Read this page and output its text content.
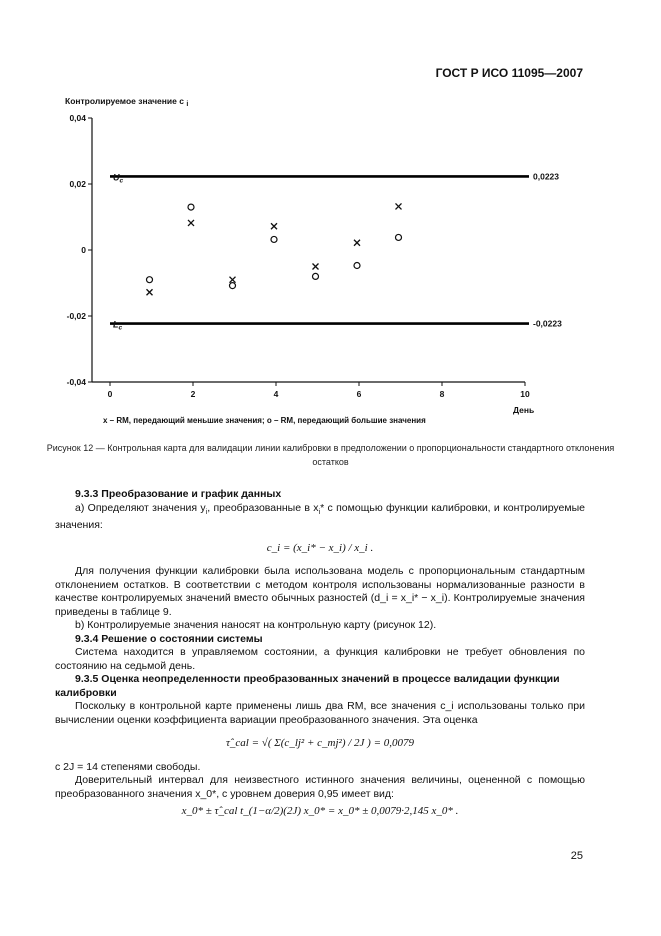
ГОСТ Р ИСО 11095—2007
Контролируемое значение c $_i$
0,04
0,02
0
-0,02
-0,04
0	2	4	6	8	10
$U_c$	0,0223
$L_c$	-0,0223
День
x – RM, передающий меньшие значения; o – RM, передающий большие значения
Рисунок 12 — Контрольная карта для валидации линии калибровки в предположении о пропорциональности стандартного отклонения остатков

9.3.3 Преобразование и график данных

а) Определяют значения $y_i$, преобразованные в $x_i*$ с помощью функции калибровки, и контролируемые значения:

c_i = (x_i* − x_i) / x_i .

Для получения функции калибровки была использована модель с пропорциональным стандартным отклонением остатков. В соответствии с методом контроля использованы нормализованные разности в качестве контролируемых значений вместо обычных разностей (d_i = x_i* − x_i). Контролируемые значения приведены в таблице 9.

b) Контролируемые значения наносят на контрольную карту (рисунок 12).

9.3.4 Решение о состоянии системы

Система находится в управляемом состоянии, а функция калибровки не требует обновления по состоянию на седьмой день.

9.3.5 Оценка неопределенности преобразованных значений в процессе валидации функции калибровки

Поскольку в контрольной карте применены лишь два RM, все значения c_i использованы только при вычислении оценки коэффициента вариации преобразованного значения. Эта оценка

τ̂_cal = √( Σ(c_lj² + c_mj²) / 2J ) = 0,0079

с 2J = 14 степенями свободы.

Доверительный интервал для неизвестного истинного значения величины, оцененной с помощью преобразованного значения x_0*, с уровнем доверия 0,95 имеет вид:

x_0* ± τ̂_cal t_(1−α/2)(2J) x_0* = x_0* ± 0,0079·2,145 x_0* .
25
